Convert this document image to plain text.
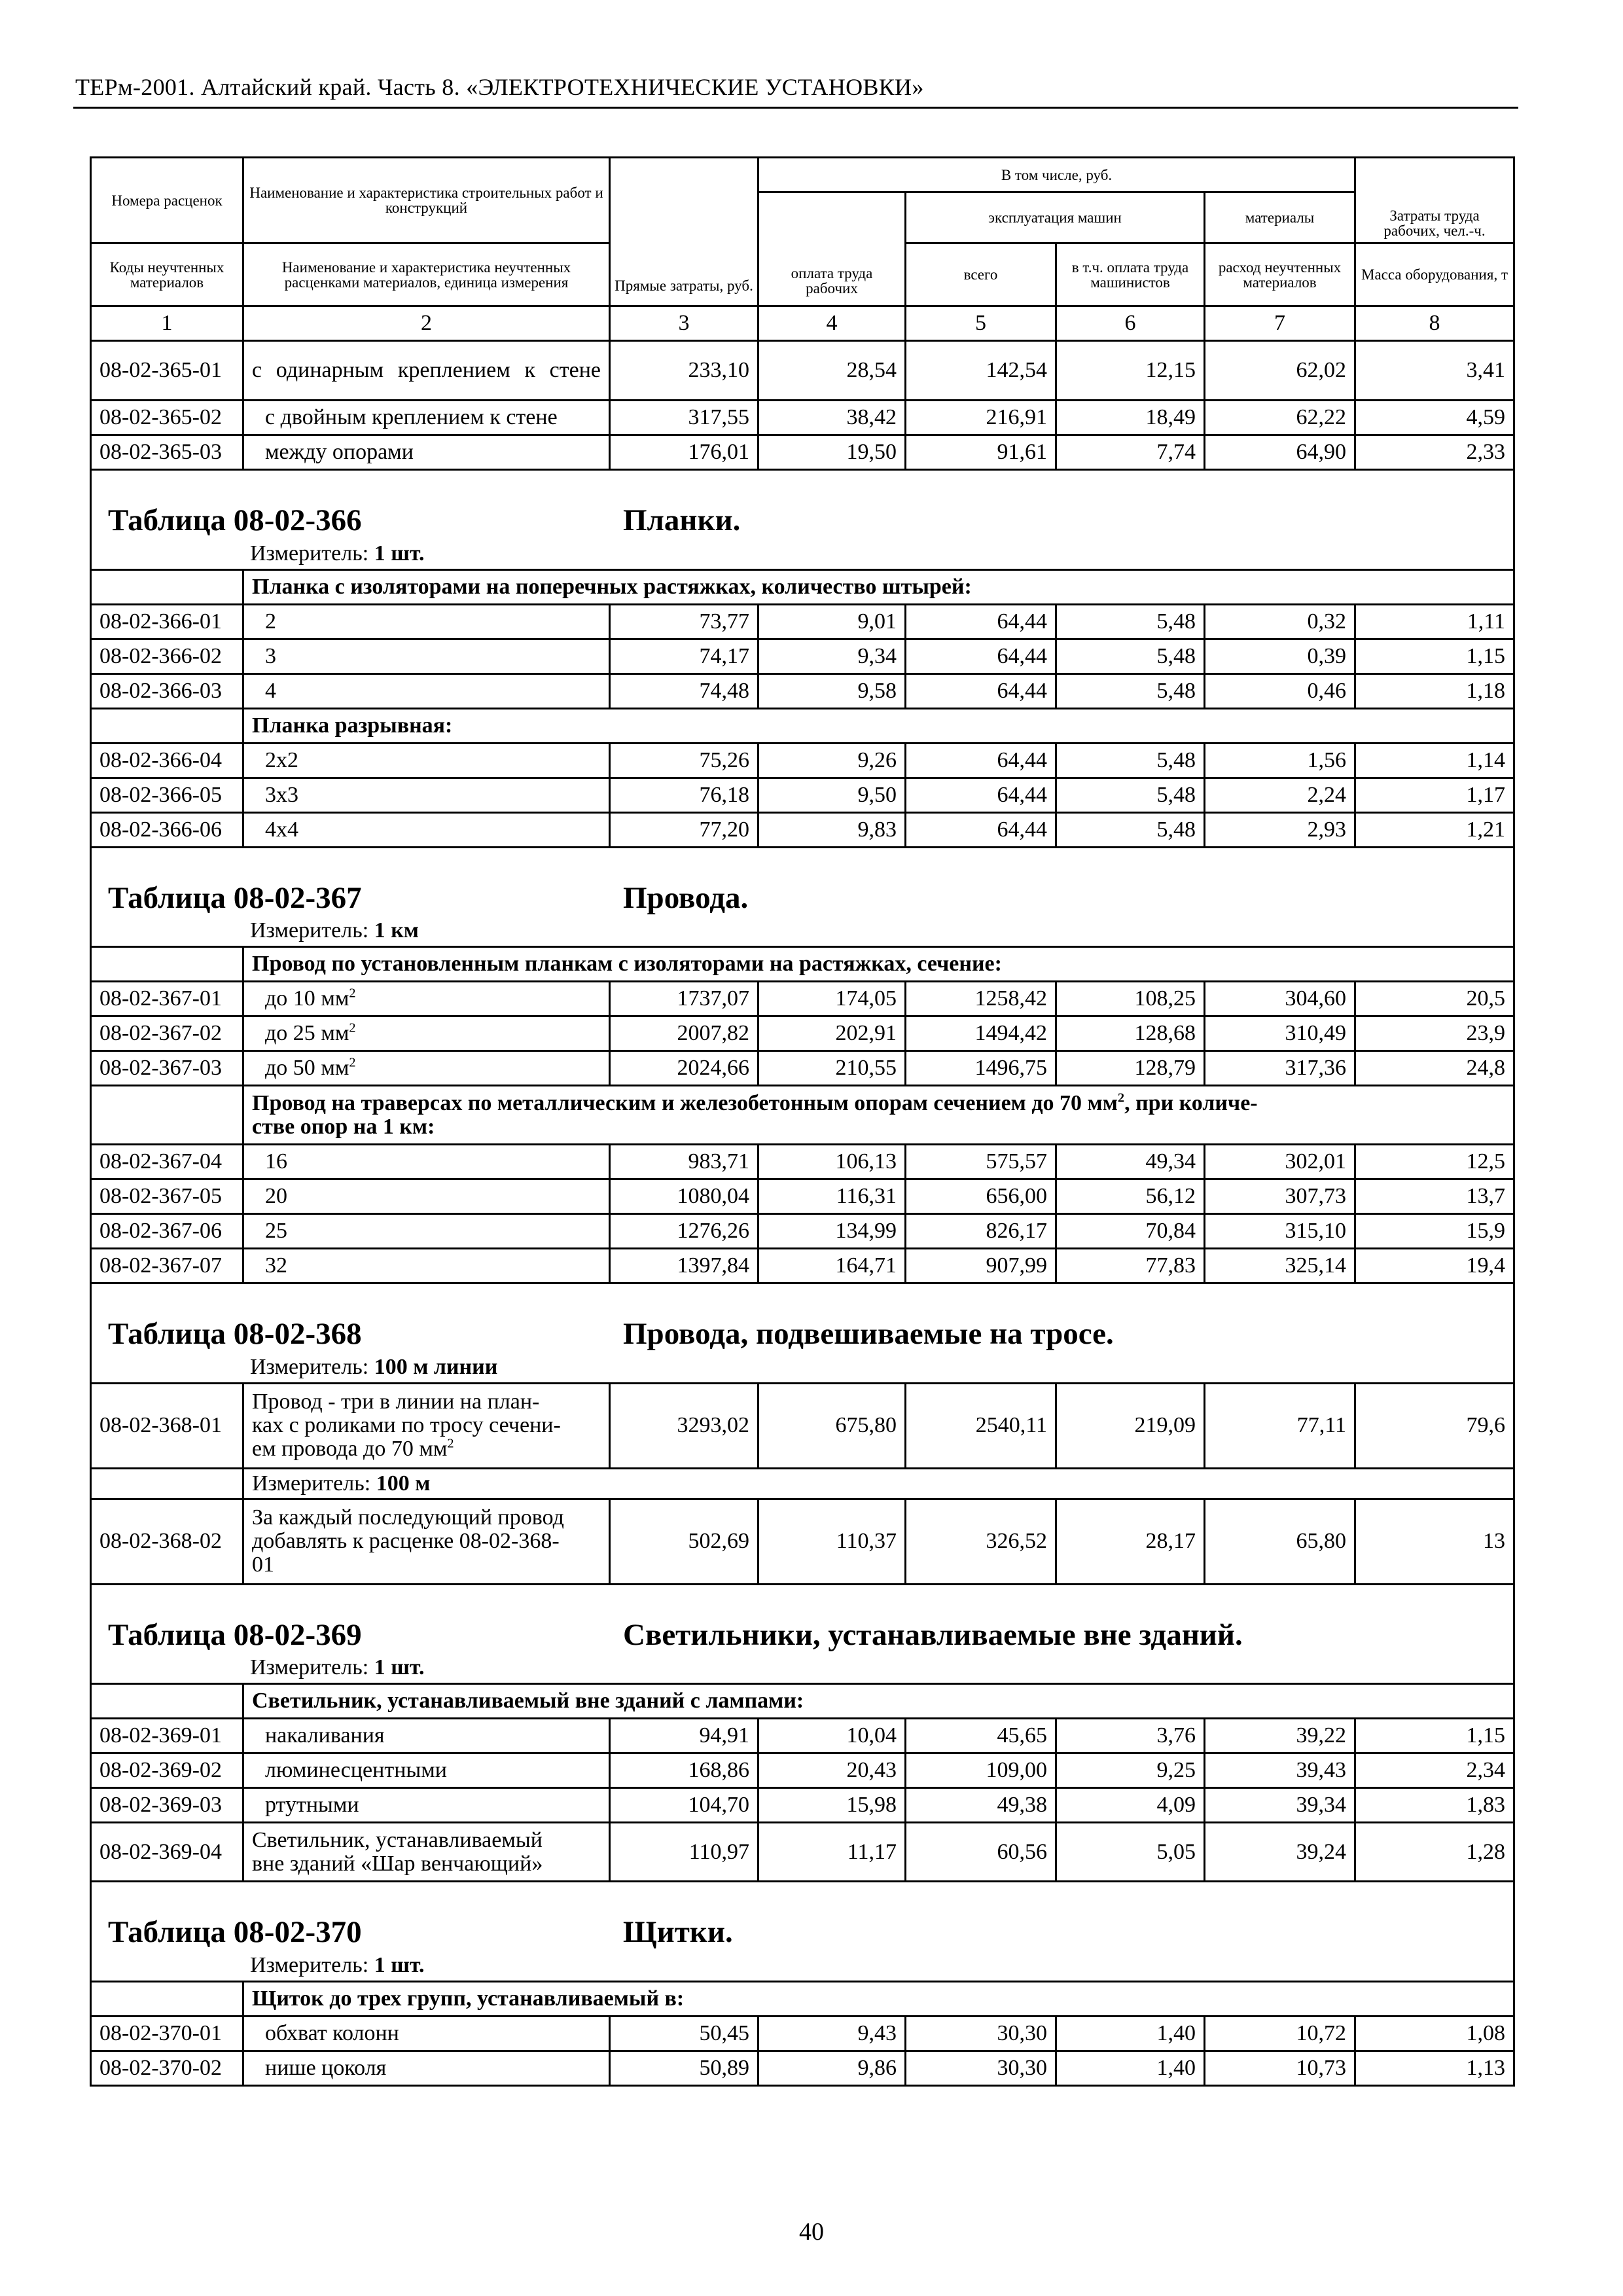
ТЕРм-2001. Алтайский край. Часть 8. «ЭЛЕКТРОТЕХНИЧЕСКИЕ УСТАНОВКИ»
Номера расценок	Наименование и характеристика строительных работ и конструкций	Прямые затраты, руб.	В том числе, руб.				Затраты труда рабочих, чел.-ч.
			оплата труда рабочих	эксплуатация машин		материалы	
Коды неучтенных материалов	Наименование и характеристика неучтенных расценками материалов, единица измерения			всего	в т.ч. оплата труда машинистов	расход неучтенных материалов	Масса оборудования, т
1	2	3	4	5	6	7	8
08-02-365-01	с одинарным креплением к стене	233,10	28,54	142,54	12,15	62,02	3,41
08-02-365-02	с двойным креплением к стене	317,55	38,42	216,91	18,49	62,22	4,59
08-02-365-03	между опорами	176,01	19,50	91,61	7,74	64,90	2,33

Таблица 08-02-366 Планки.							

Измеритель: 1 шт.							
	Планка с изоляторами на поперечных растяжках, количество штырей:						
08-02-366-01	2	73,77	9,01	64,44	5,48	0,32	1,11
08-02-366-02	3	74,17	9,34	64,44	5,48	0,39	1,15
08-02-366-03	4	74,48	9,58	64,44	5,48	0,46	1,18
	Планка разрывная:						
08-02-366-04	2x2	75,26	9,26	64,44	5,48	1,56	1,14
08-02-366-05	3x3	76,18	9,50	64,44	5,48	2,24	1,17
08-02-366-06	4x4	77,20	9,83	64,44	5,48	2,93	1,21

Таблица 08-02-367 Провода.							

Измеритель: 1 км							
	Провод по установленным планкам с изоляторами на растяжках, сечение:						
08-02-367-01	до 10 $мм^2$	1737,07	174,05	1258,42	108,25	304,60	20,5
08-02-367-02	до 25 $мм^2$	2007,82	202,91	1494,42	128,68	310,49	23,9
08-02-367-03	до 50 $мм^2$	2024,66	210,55	1496,75	128,79	317,36	24,8
	Провод на траверсах по металлическим и железобетонным опорам сечением до 70 $мм^2$, при количе-
стве опор на 1 км:						
08-02-367-04	16	983,71	106,13	575,57	49,34	302,01	12,5
08-02-367-05	20	1080,04	116,31	656,00	56,12	307,73	13,7
08-02-367-06	25	1276,26	134,99	826,17	70,84	315,10	15,9
08-02-367-07	32	1397,84	164,71	907,99	77,83	325,14	19,4

Таблица 08-02-368 Провода, подвешиваемые на тросе.							

Измеритель: 100 м линии							
08-02-368-01	Провод - три в линии на план-
ках с роликами по тросу сечени-
ем провода до 70 $мм^2$	3293,02	675,80	2540,11	219,09	77,11	79,6
	Измеритель: 100 м						
08-02-368-02	За каждый последующий провод
добавлять к расценке 08-02-368-
01	502,69	110,37	326,52	28,17	65,80	13

Таблица 08-02-369 Светильники, устанавливаемые вне зданий.							

Измеритель: 1 шт.							
	Светильник, устанавливаемый вне зданий с лампами:						
08-02-369-01	накаливания	94,91	10,04	45,65	3,76	39,22	1,15
08-02-369-02	люминесцентными	168,86	20,43	109,00	9,25	39,43	2,34
08-02-369-03	ртутными	104,70	15,98	49,38	4,09	39,34	1,83
08-02-369-04	Светильник, устанавливаемый
вне зданий «Шар венчающий»	110,97	11,17	60,56	5,05	39,24	1,28

Таблица 08-02-370 Щитки.							

Измеритель: 1 шт.							
	Щиток до трех групп, устанавливаемый в:						
08-02-370-01	обхват колонн	50,45	9,43	30,30	1,40	10,72	1,08
08-02-370-02	нише цоколя	50,89	9,86	30,30	1,40	10,73	1,13
40
